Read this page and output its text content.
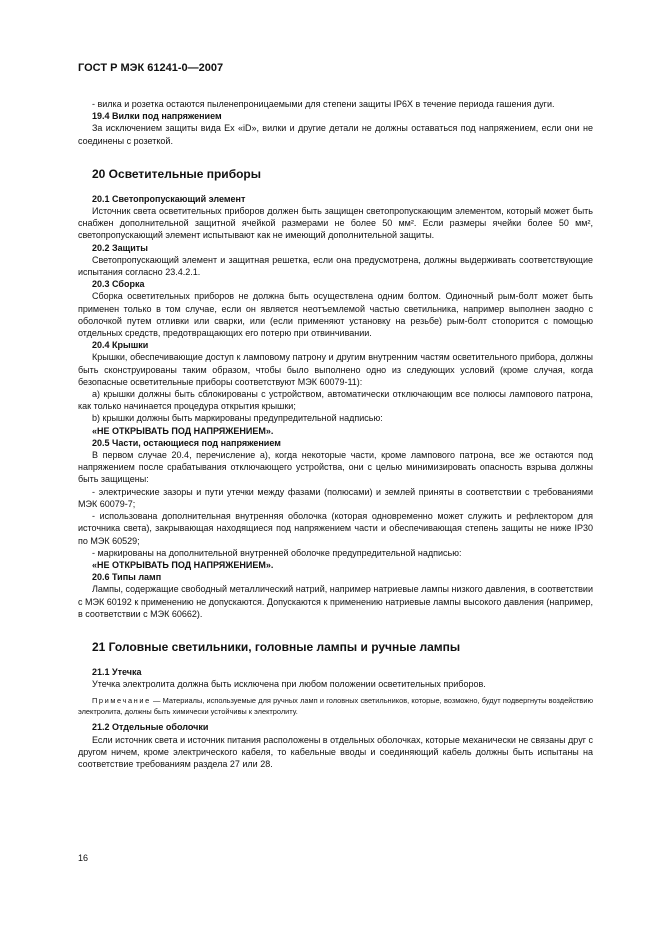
ГОСТ Р МЭК 61241-0—2007

- вилка и розетка остаются пыленепроницаемыми для степени защиты IP6X в течение периода гашения дуги.

19.4 Вилки под напряжением

За исключением защиты вида Ex «iD», вилки и другие детали не должны оставаться под напряжением, если они не соединены с розеткой.

20 Осветительные приборы

20.1 Светопропускающий элемент

Источник света осветительных приборов должен быть защищен светопропускающим элементом, который может быть снабжен дополнительной защитной ячейкой размерами не более 50 мм². Если размеры ячейки более 50 мм², светопропускающий элемент испытывают как не имеющий дополнительной защиты.

20.2 Защиты

Светопропускающий элемент и защитная решетка, если она предусмотрена, должны выдерживать соответствующие испытания согласно 23.4.2.1.

20.3 Сборка

Сборка осветительных приборов не должна быть осуществлена одним болтом. Одиночный рым-болт может быть применен только в том случае, если он является неотъемлемой частью светильника, например выполнен заодно с оболочкой путем отливки или сварки, или (если применяют установку на резьбе) рым-болт стопорится с помощью отдельных средств, предотвращающих его потерю при отвинчивании.

20.4 Крышки

Крышки, обеспечивающие доступ к ламповому патрону и другим внутренним частям осветительного прибора, должны быть сконструированы таким образом, чтобы было выполнено одно из следующих условий (кроме случая, когда безопасные осветительные приборы соответствуют МЭК 60079-11):

а) крышки должны быть сблокированы с устройством, автоматически отключающим все полюсы лампового патрона, как только начинается процедура открытия крышки;

b) крышки должны быть маркированы предупредительной надписью:

«НЕ ОТКРЫВАТЬ ПОД НАПРЯЖЕНИЕМ».

20.5 Части, остающиеся под напряжением

В первом случае 20.4, перечисление а), когда некоторые части, кроме лампового патрона, все же остаются под напряжением после срабатывания отключающего устройства, они с целью минимизировать опасность взрыва должны быть защищены:

- электрические зазоры и пути утечки между фазами (полюсами) и землей приняты в соответствии с требованиями МЭК 60079-7;

- использована дополнительная внутренняя оболочка (которая одновременно может служить и рефлектором для источника света), закрывающая находящиеся под напряжением части и обеспечивающая степень защиты не ниже IP30 по МЭК 60529;

- маркированы на дополнительной внутренней оболочке предупредительной надписью:

«НЕ ОТКРЫВАТЬ ПОД НАПРЯЖЕНИЕМ».

20.6 Типы ламп

Лампы, содержащие свободный металлический натрий, например натриевые лампы низкого давления, в соответствии с МЭК 60192 к применению не допускаются. Допускаются к применению натриевые лампы высокого давления (например, в соответствии с МЭК 60662).

21 Головные светильники, головные лампы и ручные лампы

21.1 Утечка

Утечка электролита должна быть исключена при любом положении осветительных приборов.

Примечание — Материалы, используемые для ручных ламп и головных светильников, которые, возможно, будут подвергнуты воздействию электролита, должны быть химически устойчивы к электролиту.

21.2 Отдельные оболочки

Если источник света и источник питания расположены в отдельных оболочках, которые механически не связаны друг с другом ничем, кроме электрического кабеля, то кабельные вводы и соединяющий кабель должны быть испытаны на соответствие требованиям раздела 27 или 28.

16
